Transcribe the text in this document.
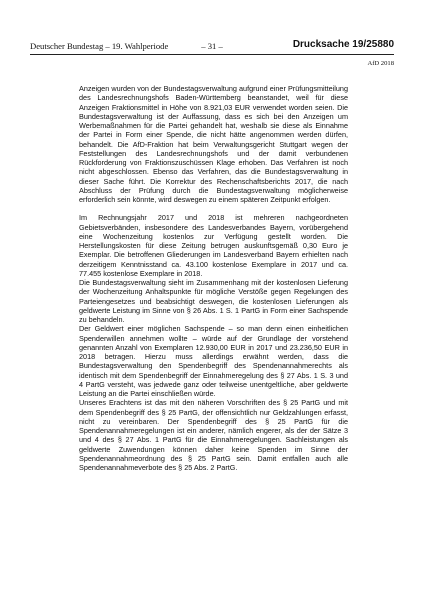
Deutscher Bundestag – 19. Wahlperiode	– 31 –	Drucksache 19/25880
AfD 2018

Anzeigen wurden von der Bundestagsverwaltung aufgrund einer Prüfungsmitteilung des Landesrechnungshofs Baden-Württemberg beanstandet, weil für diese Anzeigen Fraktionsmittel in Höhe von 8.921,03 EUR verwendet worden seien. Die Bundestagsverwaltung ist der Auffassung, dass es sich bei den Anzeigen um Werbemaßnahmen für die Partei gehandelt hat, weshalb sie diese als Einnahme der Partei in Form einer Spende, die nicht hätte angenommen werden dürfen, behandelt. Die AfD-Fraktion hat beim Verwaltungsgericht Stuttgart wegen der Feststellungen des Landesrechnungshofs und der damit verbundenen Rückforderung von Fraktionszuschüssen Klage erhoben. Das Verfahren ist noch nicht abgeschlossen. Ebenso das Verfahren, das die Bundestagsverwaltung in dieser Sache führt. Die Korrektur des Rechenschaftsberichts 2017, die nach Abschluss der Prüfung durch die Bundestagsverwaltung möglicherweise erforderlich sein könnte, wird deswegen zu einem späteren Zeitpunkt erfolgen.

Im Rechnungsjahr 2017 und 2018 ist mehreren nachgeordneten Gebietsverbänden, insbesondere des Landesverbandes Bayern, vorübergehend eine Wochenzeitung kostenlos zur Verfügung gestellt worden. Die Herstellungskosten für diese Zeitung betrugen auskunftsgemäß 0,30 Euro je Exemplar. Die betroffenen Gliederungen im Landesverband Bayern erhielten nach derzeitigem Kenntnisstand ca. 43.100 kostenlose Exemplare in 2017 und ca. 77.455 kostenlose Exemplare in 2018.

Die Bundestagsverwaltung sieht im Zusammenhang mit der kostenlosen Lieferung der Wochenzeitung Anhaltspunkte für mögliche Verstöße gegen Regelungen des Parteiengesetzes und beabsichtigt deswegen, die kostenlosen Lieferungen als geldwerte Leistung im Sinne von § 26 Abs. 1 S. 1 PartG in Form einer Sachspende zu behandeln.

Der Geldwert einer möglichen Sachspende – so man denn einen einheitlichen Spenderwillen annehmen wollte – würde auf der Grundlage der vorstehend genannten Anzahl von Exemplaren 12.930,00 EUR in 2017 und 23.236,50 EUR in 2018 betragen. Hierzu muss allerdings erwähnt werden, dass die Bundestagsverwaltung den Spendenbegriff des Spendenannahmerechts als identisch mit dem Spendenbegriff der Einnahmeregelung des § 27 Abs. 1 S. 3 und 4 PartG versteht, was jedwede ganz oder teilweise unentgeltliche, aber geldwerte Leistung an die Partei einschließen würde.

Unseres Erachtens ist das mit den näheren Vorschriften des § 25 PartG und mit dem Spendenbegriff des § 25 PartG, der offensichtlich nur Geldzahlungen erfasst, nicht zu vereinbaren. Der Spendenbegriff des § 25 PartG für die Spendenannahmeregelungen ist ein anderer, nämlich engerer, als der der Sätze 3 und 4 des § 27 Abs. 1 PartG für die Einnahmeregelungen. Sachleistungen als geldwerte Zuwendungen können daher keine Spenden im Sinne der Spendenannahmeordnung des § 25 PartG sein. Damit entfallen auch alle Spendenannahmeverbote des § 25 Abs. 2 PartG.
